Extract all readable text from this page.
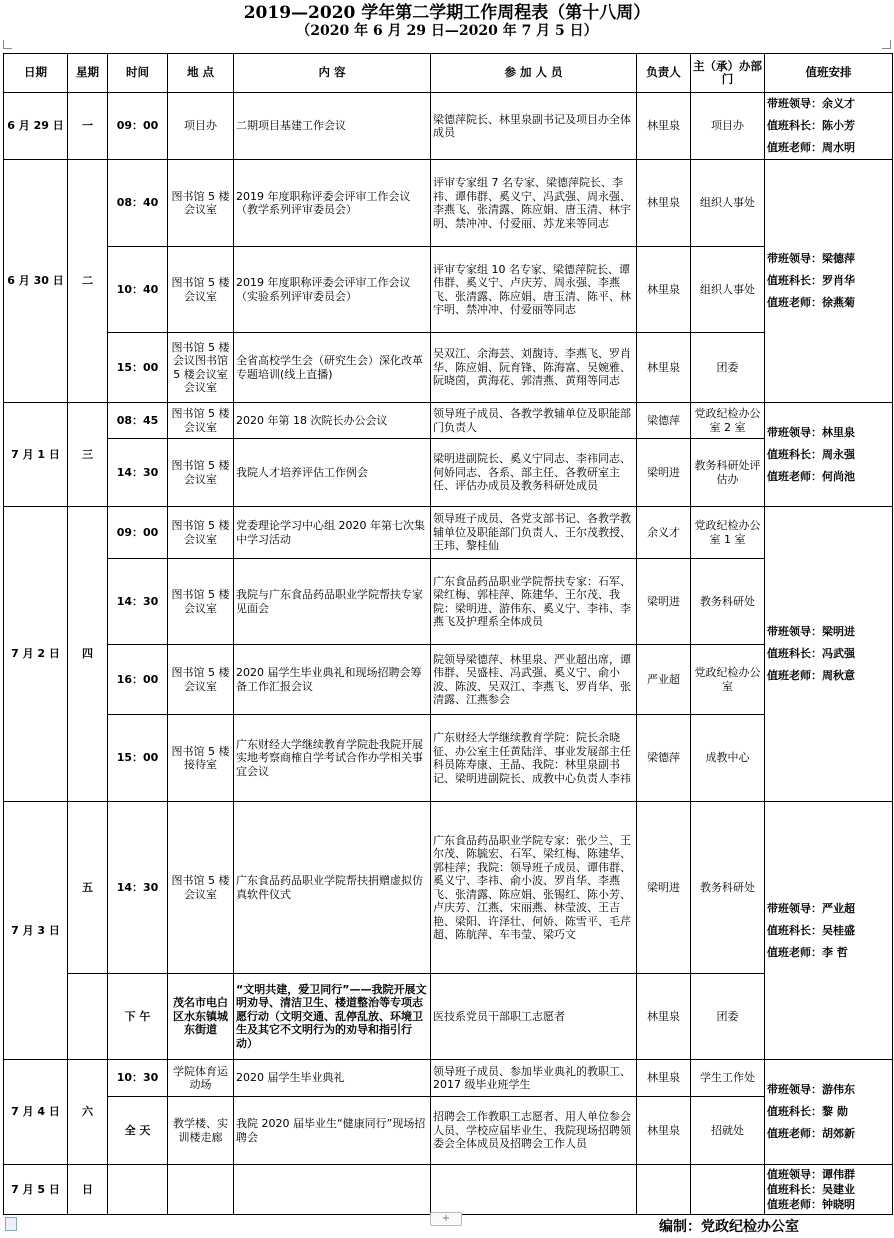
2019—2020 学年第二学期工作周程表（第十八周）
（2020 年 6 月 29 日—2020 年 7 月 5 日）
日期	星期	时间	地 点	内 容	参 加 人 员	负责人	主（承）办部 门	值班安排
6 月 29 日	一	09：00	项目办	二期项目基建工作会议	梁德萍院长、林里泉副书记及项目办全体成员	林里泉	项目办	带班领导：余义才
值班科长：陈小芳
值班老师：周水明

6 月 30 日	二	08：40	图书馆 5 楼会议室	2019 年度职称评委会评审工作会议（教学系列评审委员会）	评审专家组 7 名专家、梁德萍院长、李祎、谭伟群、奚义宁、冯武强、周永强、李燕飞、张清露、陈应娟、唐玉清、林宇明、禁冲冲、付爱丽、苏龙来等同志	林里泉	组织人事处	带班领导：梁德萍
值班科长：罗肖华
值班老师：徐燕菊

		10：40	图书馆 5 楼会议室	2019 年度职称评委会评审工作会议（实验系列评审委员会）	评审专家组 10 名专家、梁德萍院长、谭伟群、奚义宁、卢庆芳、周永强、李燕飞、张清露、陈应娟、唐玉清、陈平、林宇明、禁冲冲、付爱丽等同志	林里泉	组织人事处	
		15：00	图书馆 5 楼会议图书馆 5 楼会议室会议室	全省高校学生会（研究生会）深化改革专题培训(线上直播)	吴双江、余海芸、刘馥诗、李燕飞、罗肖华、陈应娟、阮育锋、陈海富、吴婉雅、阮晓茵，黄海花、郭清燕、黄翔等同志	林里泉	团委	
7 月 1 日	三	08：45	图书馆 5 楼会议室	2020 年第 18 次院长办公会议	领导班子成员、各教学教辅单位及职能部门负责人	梁德萍	党政纪检办公室 2 室	带班领导：林里泉
值班科长：周永强
值班老师：何尚池

		14：30	图书馆 5 楼会议室	我院人才培养评估工作例会	梁明进副院长、奚义宁同志、李祎同志、何娇同志、各系、部主任、各教研室主任、评估办成员及教务科研处成员	梁明进	教务科研处评估办	
7 月 2 日	四	09：00	图书馆 5 楼会议室	党委理论学习中心组 2020 年第七次集中学习活动	领导班子成员、各党支部书记、各教学教辅单位及职能部门负责人、王尔茂教授、王玮、黎桂仙	余义才	党政纪检办公室 1 室	带班领导：梁明进
值班科长：冯武强
值班老师：周秋意

		14：30	图书馆 5 楼会议室	我院与广东食品药品职业学院帮扶专家见面会	广东食品药品职业学院帮扶专家：石军、梁红梅、郭桂萍、陈建华、王尔茂、我院：梁明进、游伟东、奚义宁、李祎、李燕飞及护理系全体成员	梁明进	教务科研处	
		16：00	图书馆 5 楼会议室	2020 届学生毕业典礼和现场招聘会筹备工作汇报会议	院领导梁德萍、林里泉、严业超出席，谭伟群、吴盛桂、冯武强、奚义宁、俞小波、陈波、吴双江、李燕飞、罗肖华、张清露、江燕参会	严业超	党政纪检办公室	
		15：00	图书馆 5 楼接待室	广东财经大学继续教育学院赴我院开展实地考察商榷自学考试合作办学相关事宜会议	广东财经大学继续教育学院：院长余晓征、办公室主任黄陆洋、事业发展部主任科员陈寿康、王晶、我院：林里泉副书记、梁明进副院长、成教中心负责人李祎	梁德萍	成教中心	
7 月 3 日	五	14：30	图书馆 5 楼会议室	广东食品药品职业学院帮扶捐赠虚拟仿真软件仪式	广东食品药品职业学院专家：张少兰、王尔茂、陈毓宏、石军、梁红梅、陈建华、郭桂萍；我院：领导班子成员、谭伟群、奚义宁、李祎、俞小波、罗肖华、李燕飞、张清露、陈应娟、张锡红、陈小芳、卢庆芳、江燕、宋丽燕、林莹波、王吉艳、梁阳、许泽壮、何娇、陈雪平、毛芹超、陈航萍、车韦莹、梁巧文	梁明进	教务科研处	带班领导：严业超
值班科长：吴桂盛
值班老师：李 哲

		下 午	茂名市电白区水东镇城东街道	“文明共建，爱卫同行”——我院开展文明劝导、清洁卫生、楼道整治等专项志愿行动（文明交通、乱停乱放、环境卫生及其它不文明行为的劝导和指引行动）	医技系党员干部职工志愿者	林里泉	团委	
7 月 4 日	六	10：30	学院体育运动场	2020 届学生毕业典礼	领导班子成员、参加毕业典礼的教职工、2017 级毕业班学生	林里泉	学生工作处	带班领导：游伟东
值班科长：黎 勋
值班老师：胡郊新

		全 天	教学楼、实训楼走廊	我院 2020 届毕业生“健康同行”现场招聘会	招聘会工作教职工志愿者、用人单位参会人员、学校应届毕业生、我院现场招聘领委会全体成员及招聘会工作人员	林里泉	招就处	
7 月 5 日	日							值班领导：谭伟群
值班科长：吴建业
值班老师：钟晓明
+
编制：党政纪检办公室
